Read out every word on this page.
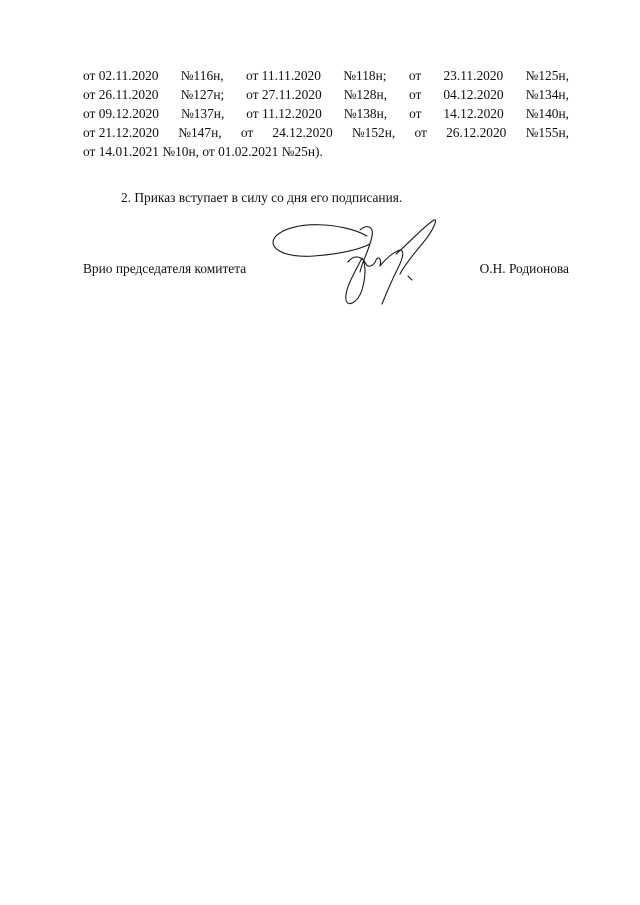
от 02.11.2020 №116н, от 11.11.2020 №118н; от 23.11.2020 №125н,
от 26.11.2020 №127н; от 27.11.2020 №128н, от 04.12.2020 №134н,
от 09.12.2020 №137н, от 11.12.2020 №138н, от 14.12.2020 №140н,
от 21.12.2020 №147н, от 24.12.2020 №152н, от 26.12.2020 №155н,
от 14.01.2021 №10н, от 01.02.2021 №25н).
2. Приказ вступает в силу со дня его подписания.
Врио председателя комитета	О.Н. Родионова
